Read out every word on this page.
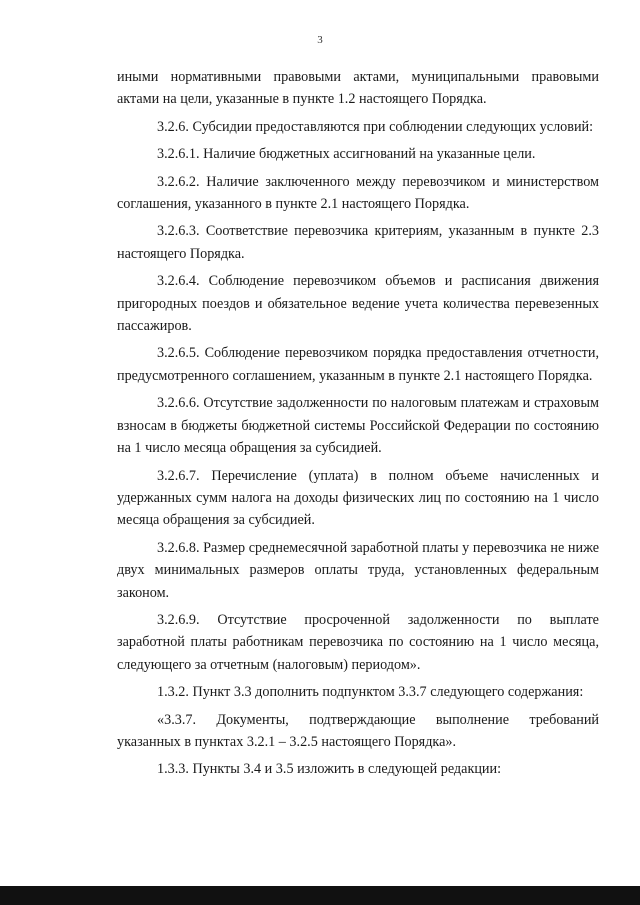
3

иными нормативными правовыми актами, муниципальными правовыми актами на цели, указанные в пункте 1.2 настоящего Порядка.

3.2.6. Субсидии предоставляются при соблюдении следующих условий:

3.2.6.1. Наличие бюджетных ассигнований на указанные цели.

3.2.6.2. Наличие заключенного между перевозчиком и министерством соглашения, указанного в пункте 2.1 настоящего Порядка.

3.2.6.3. Соответствие перевозчика критериям, указанным в пункте 2.3 настоящего Порядка.

3.2.6.4. Соблюдение перевозчиком объемов и расписания движения пригородных поездов и обязательное ведение учета количества перевезенных пассажиров.

3.2.6.5. Соблюдение перевозчиком порядка предоставления отчетности, предусмотренного соглашением, указанным в пункте 2.1 настоящего Порядка.

3.2.6.6. Отсутствие задолженности по налоговым платежам и страховым взносам в бюджеты бюджетной системы Российской Федерации по состоянию на 1 число месяца обращения за субсидией.

3.2.6.7. Перечисление (уплата) в полном объеме начисленных и удержанных сумм налога на доходы физических лиц по состоянию на 1 число месяца обращения за субсидией.

3.2.6.8. Размер среднемесячной заработной платы у перевозчика не ниже двух минимальных размеров оплаты труда, установленных федеральным законом.

3.2.6.9. Отсутствие просроченной задолженности по выплате заработной платы работникам перевозчика по состоянию на 1 число месяца, следующего за отчетным (налоговым) периодом».

1.3.2. Пункт 3.3 дополнить подпунктом 3.3.7 следующего содержания:

«3.3.7. Документы, подтверждающие выполнение требований указанных в пунктах 3.2.1 – 3.2.5 настоящего Порядка».

1.3.3. Пункты 3.4 и 3.5 изложить в следующей редакции:
